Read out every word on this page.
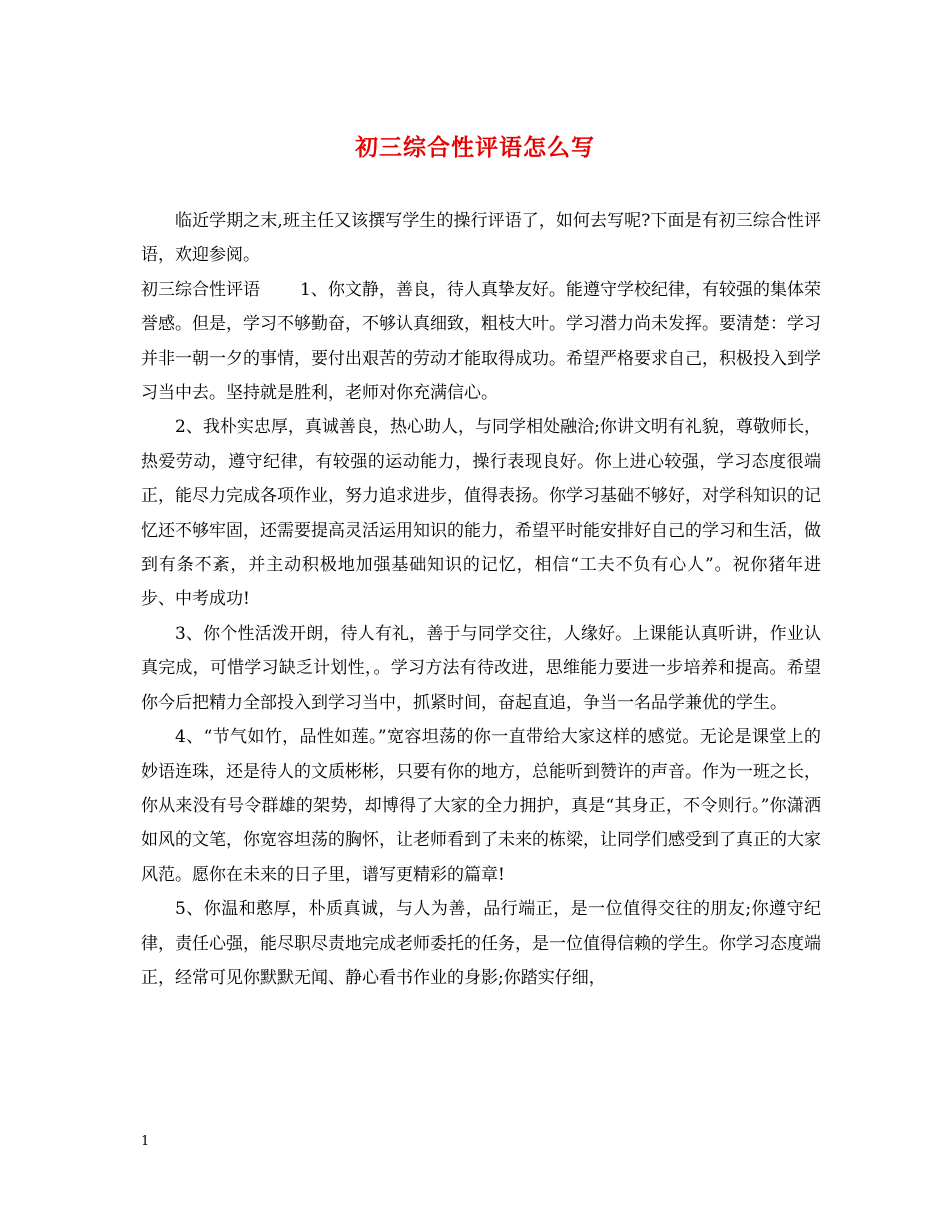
初三综合性评语怎么写

临近学期之末,班主任又该撰写学生的操行评语了，如何去写呢?下面是有初三综合性评语，欢迎参阅。

初三综合性评语 1、你文静，善良，待人真挚友好。能遵守学校纪律，有较强的集体荣誉感。但是，学习不够勤奋，不够认真细致，粗枝大叶。学习潜力尚未发挥。要清楚：学习并非一朝一夕的事情，要付出艰苦的劳动才能取得成功。希望严格要求自己，积极投入到学习当中去。坚持就是胜利，老师对你充满信心。

2、我朴实忠厚，真诚善良，热心助人，与同学相处融洽;你讲文明有礼貌，尊敬师长，热爱劳动，遵守纪律，有较强的运动能力，操行表现良好。你上进心较强，学习态度很端正，能尽力完成各项作业，努力追求进步，值得表扬。你学习基础不够好，对学科知识的记忆还不够牢固，还需要提高灵活运用知识的能力，希望平时能安排好自己的学习和生活，做到有条不紊，并主动积极地加强基础知识的记忆，相信“工夫不负有心人”。祝你猪年进步、中考成功!

3、你个性活泼开朗，待人有礼，善于与同学交往，人缘好。上课能认真听讲，作业认真完成，可惜学习缺乏计划性，。学习方法有待改进，思维能力要进一步培养和提高。希望你今后把精力全部投入到学习当中，抓紧时间，奋起直追，争当一名品学兼优的学生。

4、“节气如竹，品性如莲。”宽容坦荡的你一直带给大家这样的感觉。无论是课堂上的妙语连珠，还是待人的文质彬彬，只要有你的地方，总能听到赞许的声音。作为一班之长，你从来没有号令群雄的架势，却博得了大家的全力拥护，真是“其身正，不令则行。”你潇洒如风的文笔，你宽容坦荡的胸怀，让老师看到了未来的栋梁，让同学们感受到了真正的大家风范。愿你在未来的日子里，谱写更精彩的篇章!

5、你温和憨厚，朴质真诚，与人为善，品行端正，是一位值得交往的朋友;你遵守纪律，责任心强，能尽职尽责地完成老师委托的任务，是一位值得信赖的学生。你学习态度端正，经常可见你默默无闻、静心看书作业的身影;你踏实仔细，

1
